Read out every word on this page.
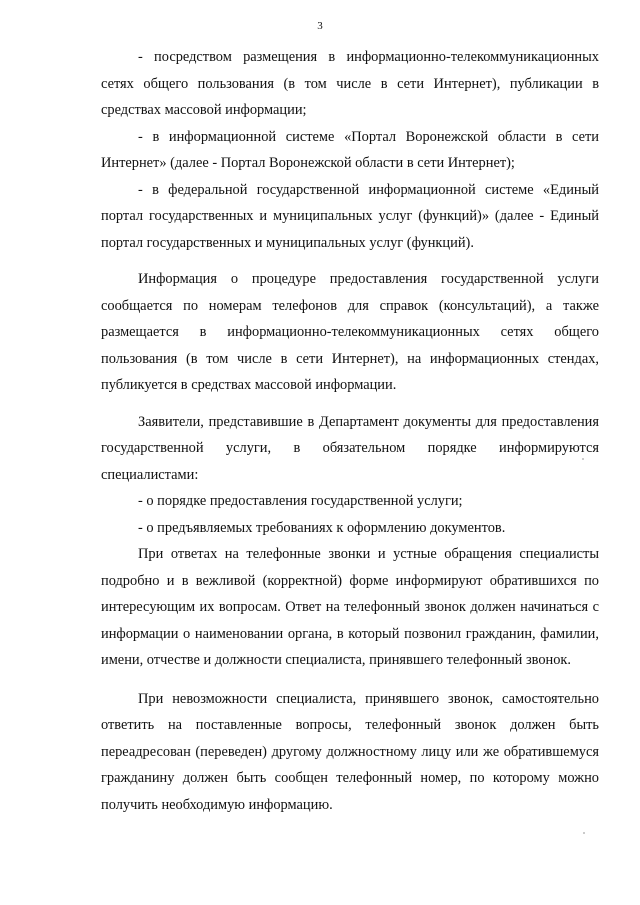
3

- посредством размещения в информационно-телекоммуникационных сетях общего пользования (в том числе в сети Интернет), публикации в средствах массовой информации;

- в информационной системе «Портал Воронежской области в сети Интернет» (далее - Портал Воронежской области в сети Интернет);

- в федеральной государственной информационной системе «Единый портал государственных и муниципальных услуг (функций)» (далее - Единый портал государственных и муниципальных услуг (функций).

Информация о процедуре предоставления государственной услуги сообщается по номерам телефонов для справок (консультаций), а также размещается в информационно-телекоммуникационных сетях общего пользования (в том числе в сети Интернет), на информационных стендах, публикуется в средствах массовой информации.

Заявители, представившие в Департамент документы для предоставления государственной услуги, в обязательном порядке информируются специалистами:

- о порядке предоставления государственной услуги;

- о предъявляемых требованиях к оформлению документов.

При ответах на телефонные звонки и устные обращения специалисты подробно и в вежливой (корректной) форме информируют обратившихся по интересующим их вопросам. Ответ на телефонный звонок должен начинаться с информации о наименовании органа, в который позвонил гражданин, фамилии, имени, отчестве и должности специалиста, принявшего телефонный звонок.

При невозможности специалиста, принявшего звонок, самостоятельно ответить на поставленные вопросы, телефонный звонок должен быть переадресован (переведен) другому должностному лицу или же обратившемуся гражданину должен быть сообщен телефонный номер, по которому можно получить необходимую информацию.
